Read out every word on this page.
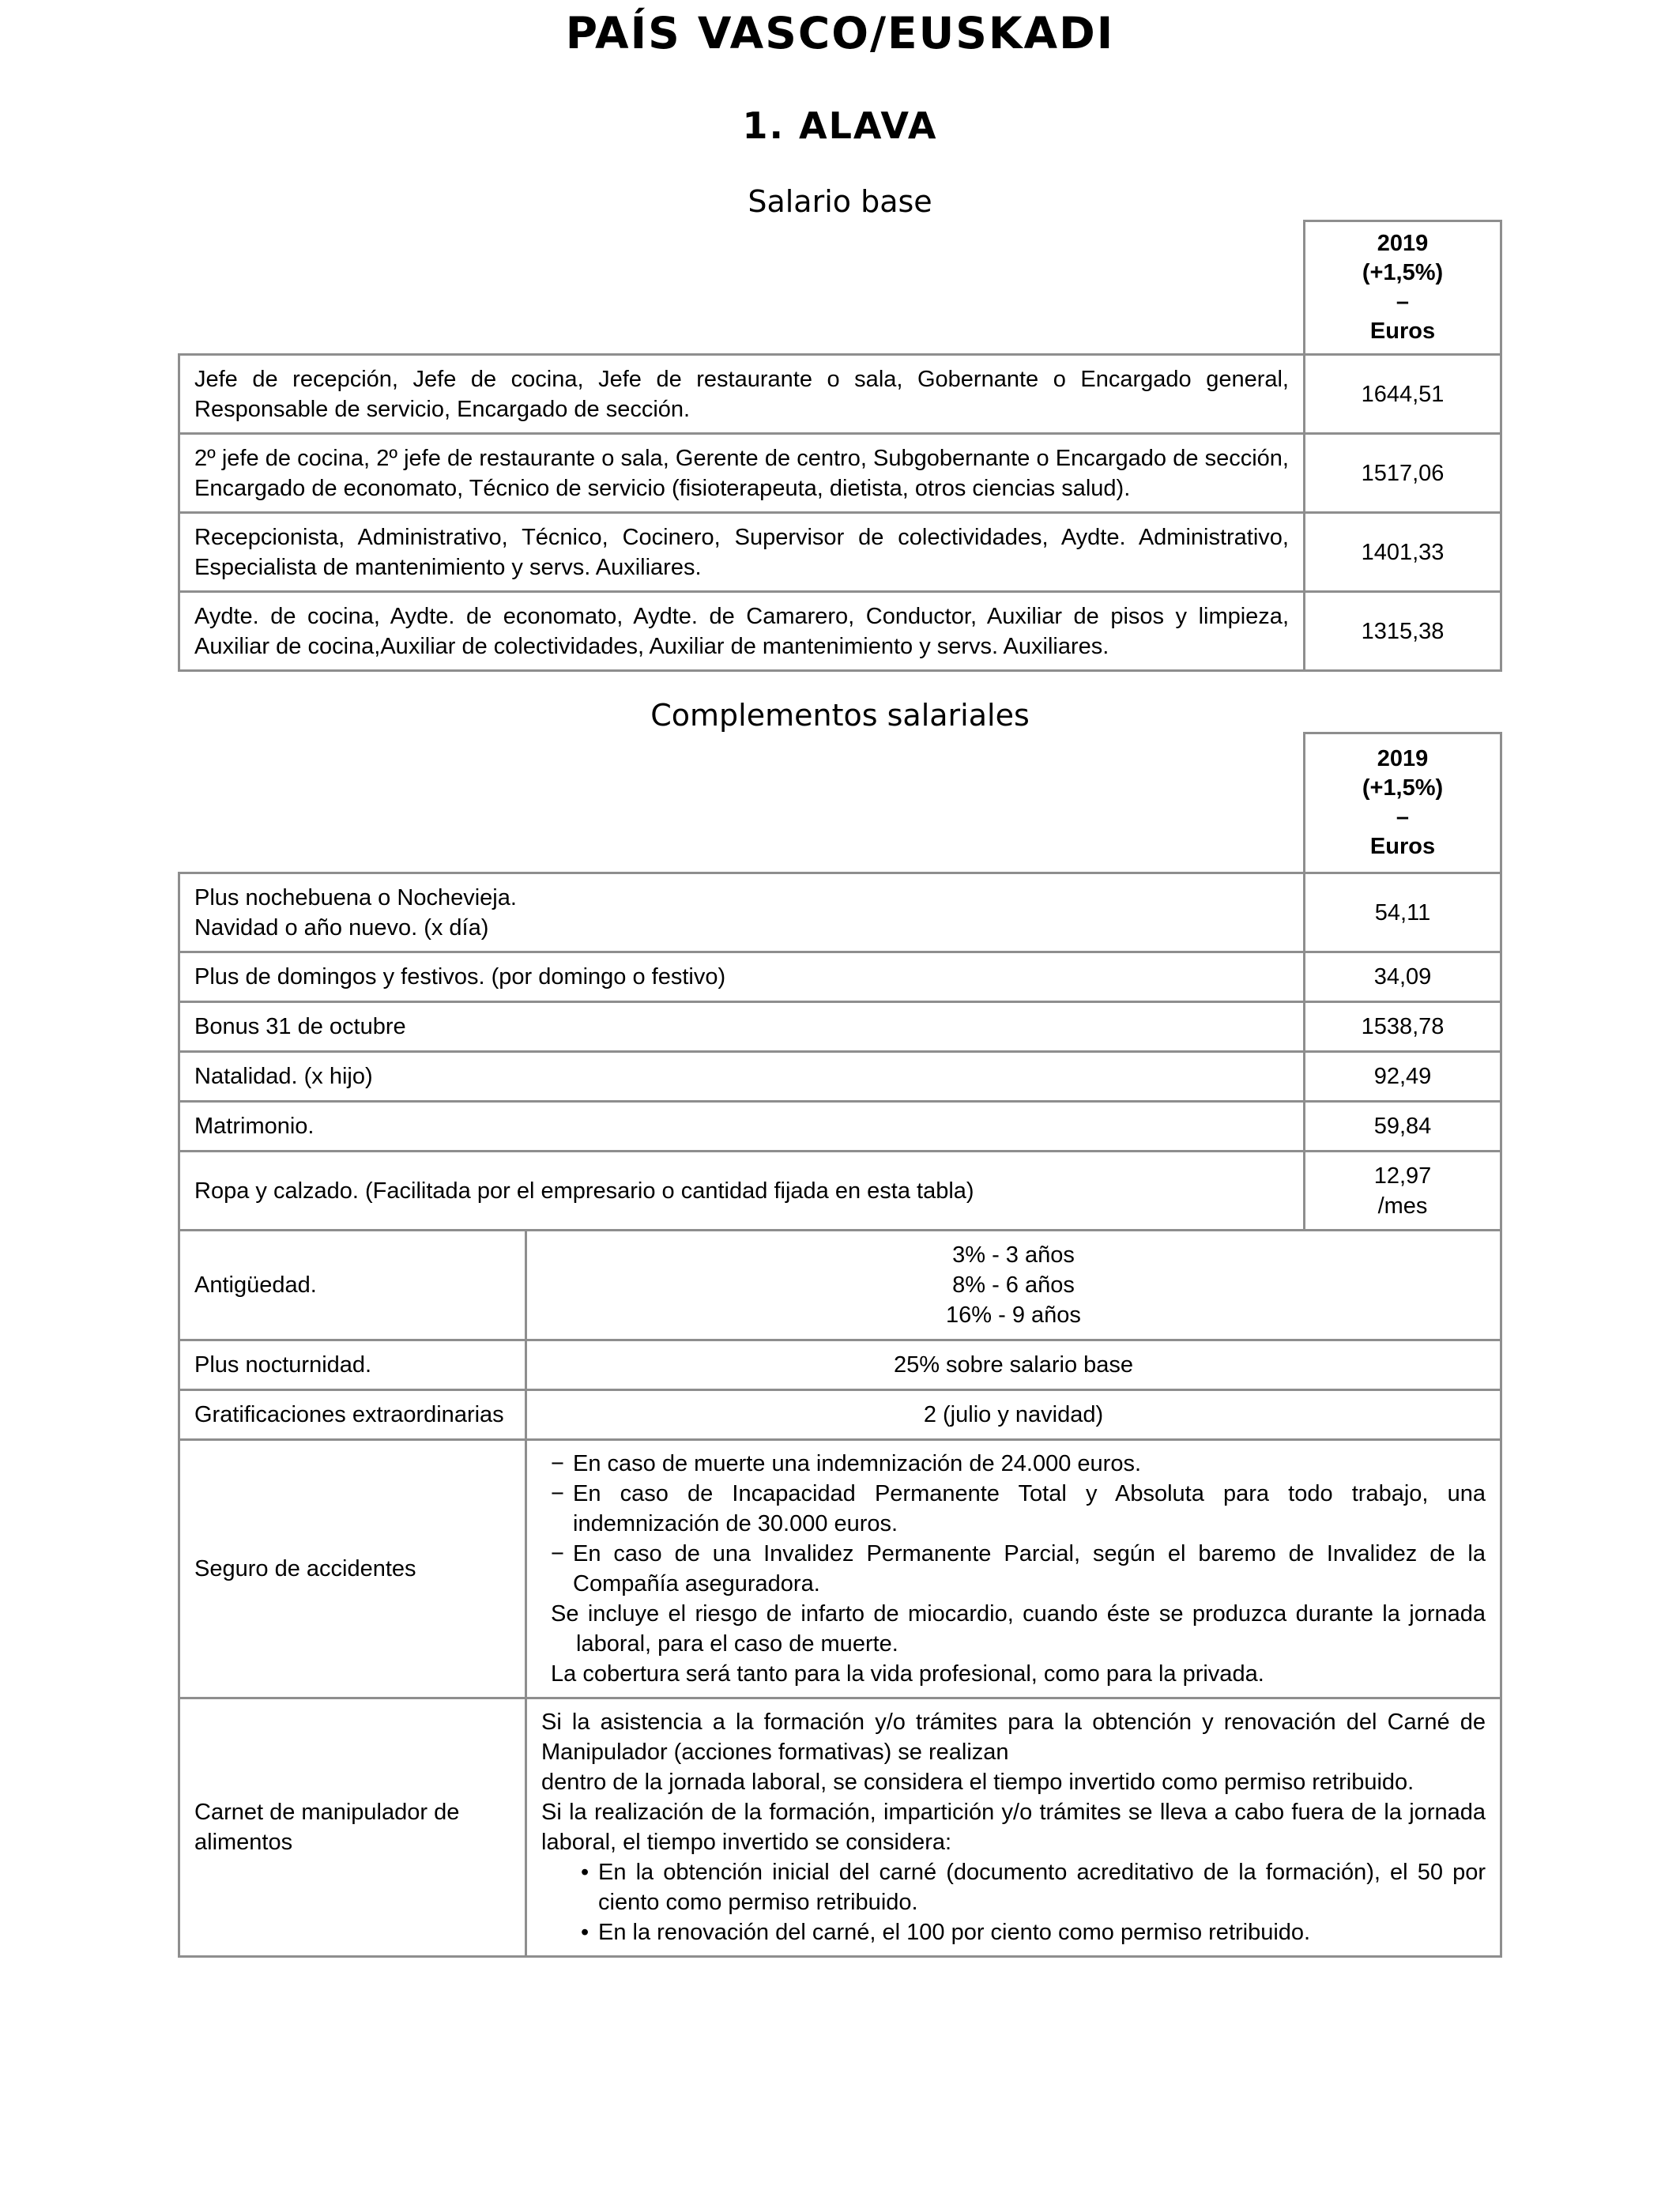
PAÍS VASCO/EUSKADI
1. ALAVA
Salario base

	2019
(+1,5%)
–
Euros

Jefe de recepción, Jefe de cocina, Jefe de restaurante o sala, Gobernante o Encargado general, Responsable de servicio, Encargado de sección.	1644,51
2º jefe de cocina, 2º jefe de restaurante o sala, Gerente de centro, Subgobernante o Encargado de sección, Encargado de economato, Técnico de servicio (fisioterapeuta, dietista, otros ciencias salud).	1517,06
Recepcionista, Administrativo, Técnico, Cocinero, Supervisor de colectividades, Aydte. Administrativo, Especialista de mantenimiento y servs. Auxiliares.	1401,33
Aydte. de cocina, Aydte. de economato, Aydte. de Camarero, Conductor, Auxiliar de pisos y limpieza, Auxiliar de cocina,Auxiliar de colectividades, Auxiliar de mantenimiento y servs. Auxiliares.	1315,38
Complementos salariales

		2019
(+1,5%)
–
Euros

Plus nochebuena o Nochevieja.
Navidad o año nuevo. (x día)		54,11
Plus de domingos y festivos. (por domingo o festivo)		34,09
Bonus 31 de octubre		1538,78
Natalidad. (x hijo)		92,49
Matrimonio.		59,84
Ropa y calzado. (Facilitada por el empresario o cantidad fijada en esta tabla)		12,97
/mes

Antigüedad.	3% - 3 años
8% - 6 años
16% - 9 años	

Plus nocturnidad.	25% sobre salario base	
Gratificaciones extraordinarias	2 (julio y navidad)	
Seguro de accidentes	− En caso de muerte una indemnización de 24.000 euros.

− En caso de Incapacidad Permanente Total y Absoluta para todo trabajo, una indemnización de 30.000 euros.

− En caso de una Invalidez Permanente Parcial, según el baremo de Invalidez de la Compañía aseguradora.

Se incluye el riesgo de infarto de miocardio, cuando éste se produzca durante la jornada laboral, para el caso de muerte.

La cobertura será tanto para la vida profesional, como para la privada.

Carnet de manipulador de alimentos	Si la asistencia a la formación y/o trámites para la obtención y renovación del Carné de Manipulador (acciones formativas) se realizan

dentro de la jornada laboral, se considera el tiempo invertido como permiso retribuido.

Si la realización de la formación, impartición y/o trámites se lleva a cabo fuera de la jornada laboral, el tiempo invertido se considera:

• En la obtención inicial del carné (documento acreditativo de la formación), el 50 por ciento como permiso retribuido.

• En la renovación del carné, el 100 por ciento como permiso retribuido.
